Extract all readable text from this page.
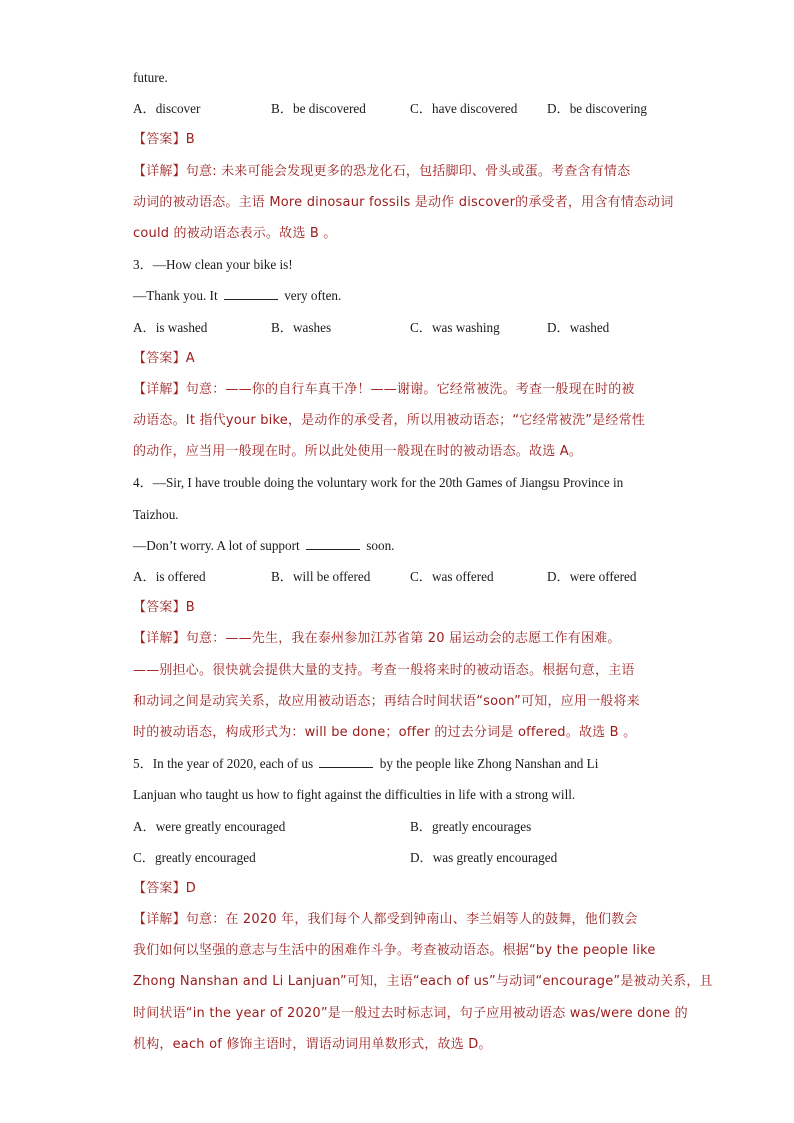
future.
A．discover	B．be discovered	C．have discovered D．be discovering
【答案】B
【详解】句意: 未来可能会发现更多的恐龙化石，包括脚印、骨头或蛋。考查含有情态
动词的被动语态。主语 More dinosaur fossils 是动作 discover的承受者，用含有情态动词
could 的被动语态表示。故选 B 。
3．—How clean your bike is!
—Thank you. It	very often.
A．is washed	B．washes	C．was washing	D．washed
【答案】A
【详解】句意：——你的自行车真干净！——谢谢。它经常被洗。考查一般现在时的被
动语态。It 指代your bike，是动作的承受者，所以用被动语态；“它经常被洗”是经常性
的动作，应当用一般现在时。所以此处使用一般现在时的被动语态。故选 A。
4．—Sir, I have trouble doing the voluntary work for the 20th Games of Jiangsu Province in
Taizhou.
—Don’t worry. A lot of support	soon.
A．is offered	B．will be offered	C．was offered	D．were offered
【答案】B
【详解】句意：——先生，我在泰州参加江苏省第 20 届运动会的志愿工作有困难。
——别担心。很快就会提供大量的支持。考查一般将来时的被动语态。根据句意，主语
和动词之间是动宾关系，故应用被动语态；再结合时间状语“soon”可知，应用一般将来
时的被动语态，构成形式为：will be done；offer 的过去分词是 offered。故选 B 。
5．In the year of 2020, each of us	by the people like Zhong Nanshan and Li
Lanjuan who taught us how to fight against the difficulties in life with a strong will.
A．were greatly encouraged	B．greatly encourages
C．greatly encouraged	D．was greatly encouraged
【答案】D
【详解】句意：在 2020 年，我们每个人都受到钟南山、李兰娟等人的鼓舞，他们教会
我们如何以坚强的意志与生活中的困难作斗争。考查被动语态。根据“by the people like
Zhong Nanshan and Li Lanjuan”可知，主语“each of us”与动词“encourage”是被动关系，且
时间状语“in the year of 2020”是一般过去时标志词，句子应用被动语态 was/were done 的
机构，each of 修饰主语时，谓语动词用单数形式，故选 D。
